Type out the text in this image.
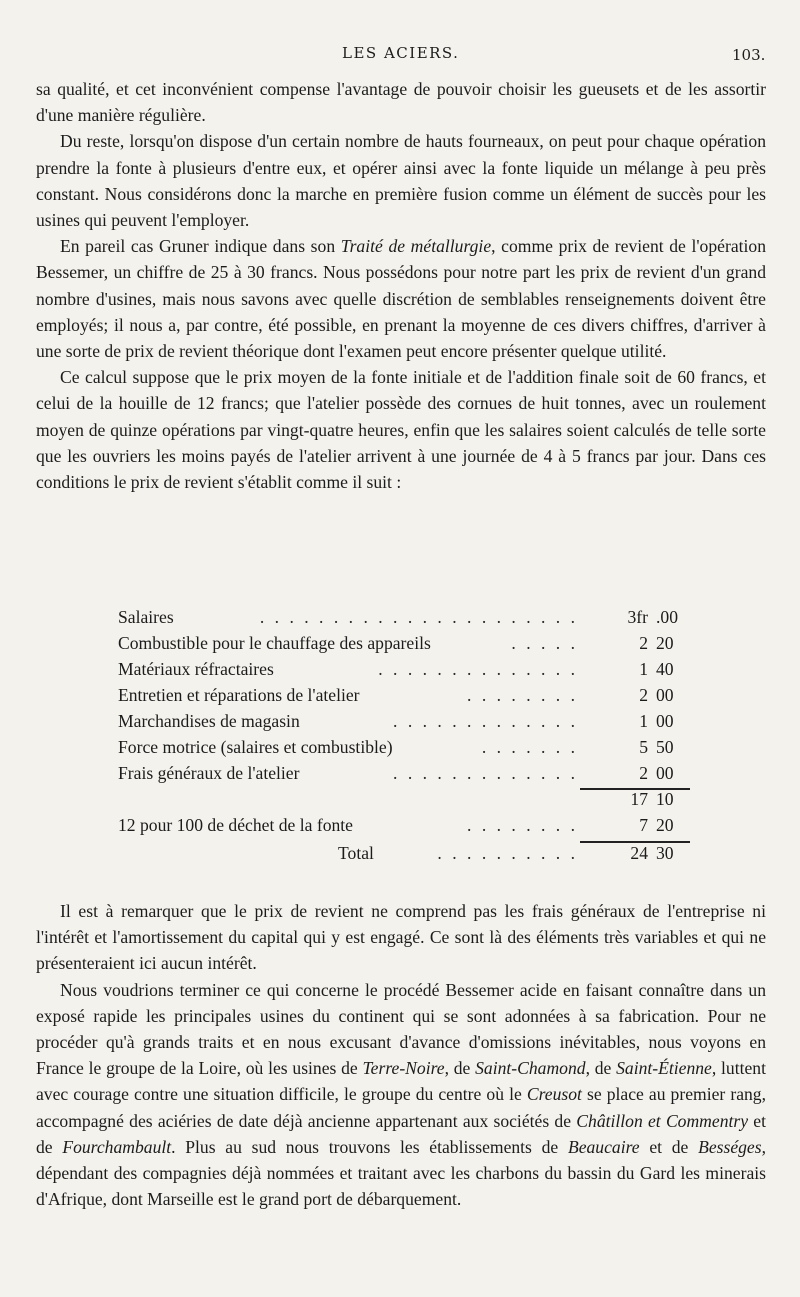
LES ACIERS.	103.

sa qualité, et cet inconvénient compense l'avantage de pouvoir choisir les gueusets et de les assortir d'une manière régulière.

Du reste, lorsqu'on dispose d'un certain nombre de hauts fourneaux, on peut pour chaque opération prendre la fonte à plusieurs d'entre eux, et opérer ainsi avec la fonte liquide un mélange à peu près constant. Nous considérons donc la marche en première fusion comme un élément de succès pour les usines qui peuvent l'employer.

En pareil cas Gruner indique dans son Traité de métallurgie, comme prix de revient de l'opération Bessemer, un chiffre de 25 à 30 francs. Nous possédons pour notre part les prix de revient d'un grand nombre d'usines, mais nous savons avec quelle discrétion de semblables renseignements doivent être employés; il nous a, par contre, été possible, en prenant la moyenne de ces divers chiffres, d'arriver à une sorte de prix de revient théorique dont l'examen peut encore présenter quelque utilité.

Ce calcul suppose que le prix moyen de la fonte initiale et de l'addition finale soit de 60 francs, et celui de la houille de 12 francs; que l'atelier possède des cornues de huit tonnes, avec un roulement moyen de quinze opérations par vingt-quatre heures, enfin que les salaires soient calculés de telle sorte que les ouvriers les moins payés de l'atelier arrivent à une journée de 4 à 5 francs par jour. Dans ces conditions le prix de revient s'établit comme il suit :

Salaires	. . . . . . . . . . . . . . . . . . . . . .	3fr .00
Combustible pour le chauffage des appareils	. . . . .	2 20
Matériaux réfractaires	. . . . . . . . . . . . . .	1 40
Entretien et réparations de l'atelier	. . . . . . . .	2 00
Marchandises de magasin	. . . . . . . . . . . . .	1 00
Force motrice (salaires et combustible)	. . . . . . .	5 50
Frais généraux de l'atelier	. . . . . . . . . . . . .	2 00
17 10
12 pour 100 de déchet de la fonte	. . . . . . . .	7 20
Total	. . . . . . . . . .	24 30

Il est à remarquer que le prix de revient ne comprend pas les frais généraux de l'entreprise ni l'intérêt et l'amortissement du capital qui y est engagé. Ce sont là des éléments très variables et qui ne présenteraient ici aucun intérêt.

Nous voudrions terminer ce qui concerne le procédé Bessemer acide en faisant connaître dans un exposé rapide les principales usines du continent qui se sont adonnées à sa fabrication. Pour ne procéder qu'à grands traits et en nous excusant d'avance d'omissions inévitables, nous voyons en France le groupe de la Loire, où les usines de Terre-Noire, de Saint-Chamond, de Saint-Étienne, luttent avec courage contre une situation difficile, le groupe du centre où le Creusot se place au premier rang, accompagné des aciéries de date déjà ancienne appartenant aux sociétés de Châtillon et Commentry et de Fourchambault. Plus au sud nous trouvons les établissements de Beaucaire et de Bességes, dépendant des compagnies déjà nommées et traitant avec les charbons du bassin du Gard les minerais d'Afrique, dont Marseille est le grand port de débarquement.
